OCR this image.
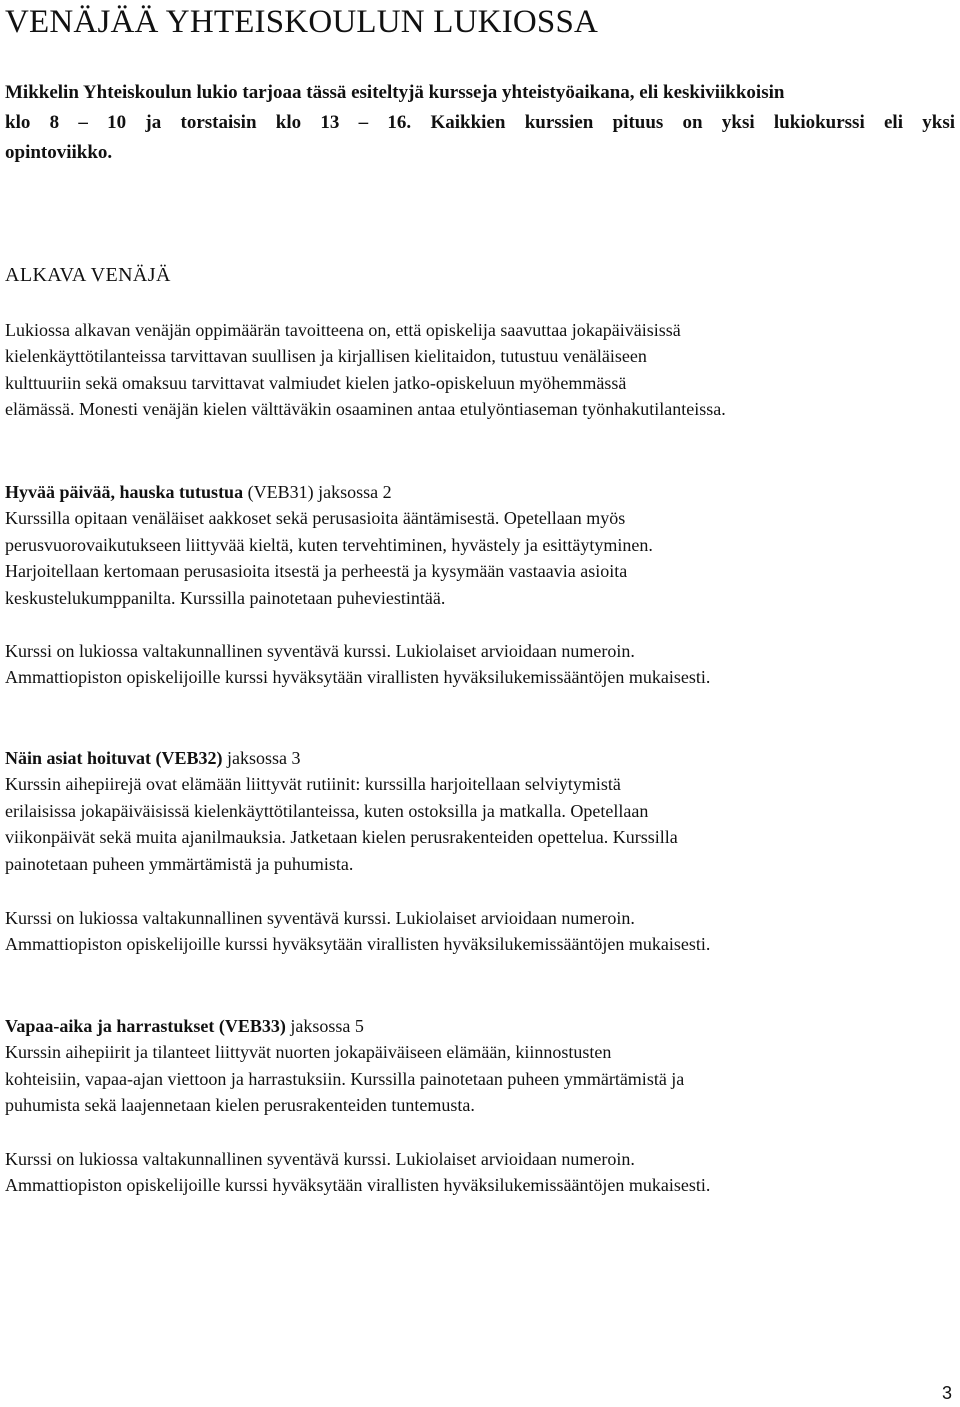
VENÄJÄÄ YHTEISKOULUN LUKIOSSA
Mikkelin Yhteiskoulun lukio tarjoaa tässä esiteltyjä kursseja yhteistyöaikana, eli keskiviikkoisin
klo 8 – 10 ja torstaisin klo 13 – 16. Kaikkien kurssien pituus on yksi lukiokurssi eli yksi
opintoviikko.
ALKAVA VENÄJÄ
Lukiossa alkavan venäjän oppimäärän tavoitteena on, että opiskelija saavuttaa jokapäiväisissä
kielenkäyttötilanteissa tarvittavan suullisen ja kirjallisen kielitaidon, tutustuu venäläiseen
kulttuuriin sekä omaksuu tarvittavat valmiudet kielen jatko-opiskeluun myöhemmässä
elämässä. Monesti venäjän kielen välttäväkin osaaminen antaa etulyöntiaseman työnhakutilanteissa.
Hyvää päivää, hauska tutustua (VEB31) jaksossa 2
Kurssilla opitaan venäläiset aakkoset sekä perusasioita ääntämisestä. Opetellaan myös
perusvuorovaikutukseen liittyvää kieltä, kuten tervehtiminen, hyvästely ja esittäytyminen.
Harjoitellaan kertomaan perusasioita itsestä ja perheestä ja kysymään vastaavia asioita
keskustelukumppanilta. Kurssilla painotetaan puheviestintää.
Kurssi on lukiossa valtakunnallinen syventävä kurssi. Lukiolaiset arvioidaan numeroin.
Ammattiopiston opiskelijoille kurssi hyväksytään virallisten hyväksilukemissääntöjen mukaisesti.
Näin asiat hoituvat (VEB32) jaksossa 3
Kurssin aihepiirejä ovat elämään liittyvät rutiinit: kurssilla harjoitellaan selviytymistä
erilaisissa jokapäiväisissä kielenkäyttötilanteissa, kuten ostoksilla ja matkalla. Opetellaan
viikonpäivät sekä muita ajanilmauksia. Jatketaan kielen perusrakenteiden opettelua. Kurssilla
painotetaan puheen ymmärtämistä ja puhumista.
Kurssi on lukiossa valtakunnallinen syventävä kurssi. Lukiolaiset arvioidaan numeroin.
Ammattiopiston opiskelijoille kurssi hyväksytään virallisten hyväksilukemissääntöjen mukaisesti.
Vapaa-aika ja harrastukset (VEB33) jaksossa 5
Kurssin aihepiirit ja tilanteet liittyvät nuorten jokapäiväiseen elämään, kiinnostusten
kohteisiin, vapaa-ajan viettoon ja harrastuksiin. Kurssilla painotetaan puheen ymmärtämistä ja
puhumista sekä laajennetaan kielen perusrakenteiden tuntemusta.
Kurssi on lukiossa valtakunnallinen syventävä kurssi. Lukiolaiset arvioidaan numeroin.
Ammattiopiston opiskelijoille kurssi hyväksytään virallisten hyväksilukemissääntöjen mukaisesti.
3
